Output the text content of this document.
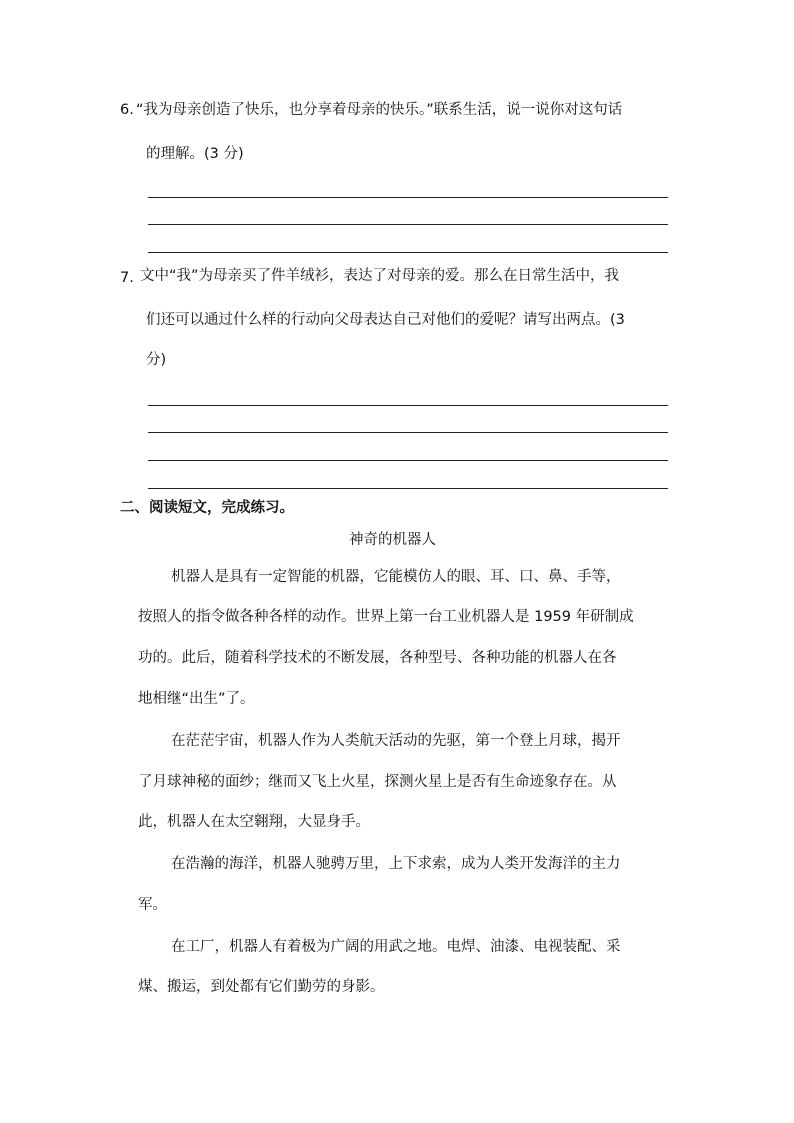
6. “我为母亲创造了快乐，也分享着母亲的快乐。”联系生活，说一说你对这句话
的理解。(3 分)
7. 文中“我”为母亲买了件羊绒衫，表达了对母亲的爱。那么在日常生活中，我
们还可以通过什么样的行动向父母表达自己对他们的爱呢？请写出两点。(3
分)
二、阅读短文，完成练习。
神奇的机器人
机器人是具有一定智能的机器，它能模仿人的眼、耳、口、鼻、手等，
按照人的指令做各种各样的动作。世界上第一台工业机器人是 1959 年研制成
功的。此后，随着科学技术的不断发展，各种型号、各种功能的机器人在各
地相继“出生”了。
在茫茫宇宙，机器人作为人类航天活动的先驱，第一个登上月球，揭开
了月球神秘的面纱；继而又飞上火星，探测火星上是否有生命迹象存在。从
此，机器人在太空翱翔，大显身手。
在浩瀚的海洋，机器人驰骋万里，上下求索，成为人类开发海洋的主力
军。
在工厂，机器人有着极为广阔的用武之地。电焊、油漆、电视装配、采
煤、搬运，到处都有它们勤劳的身影。
